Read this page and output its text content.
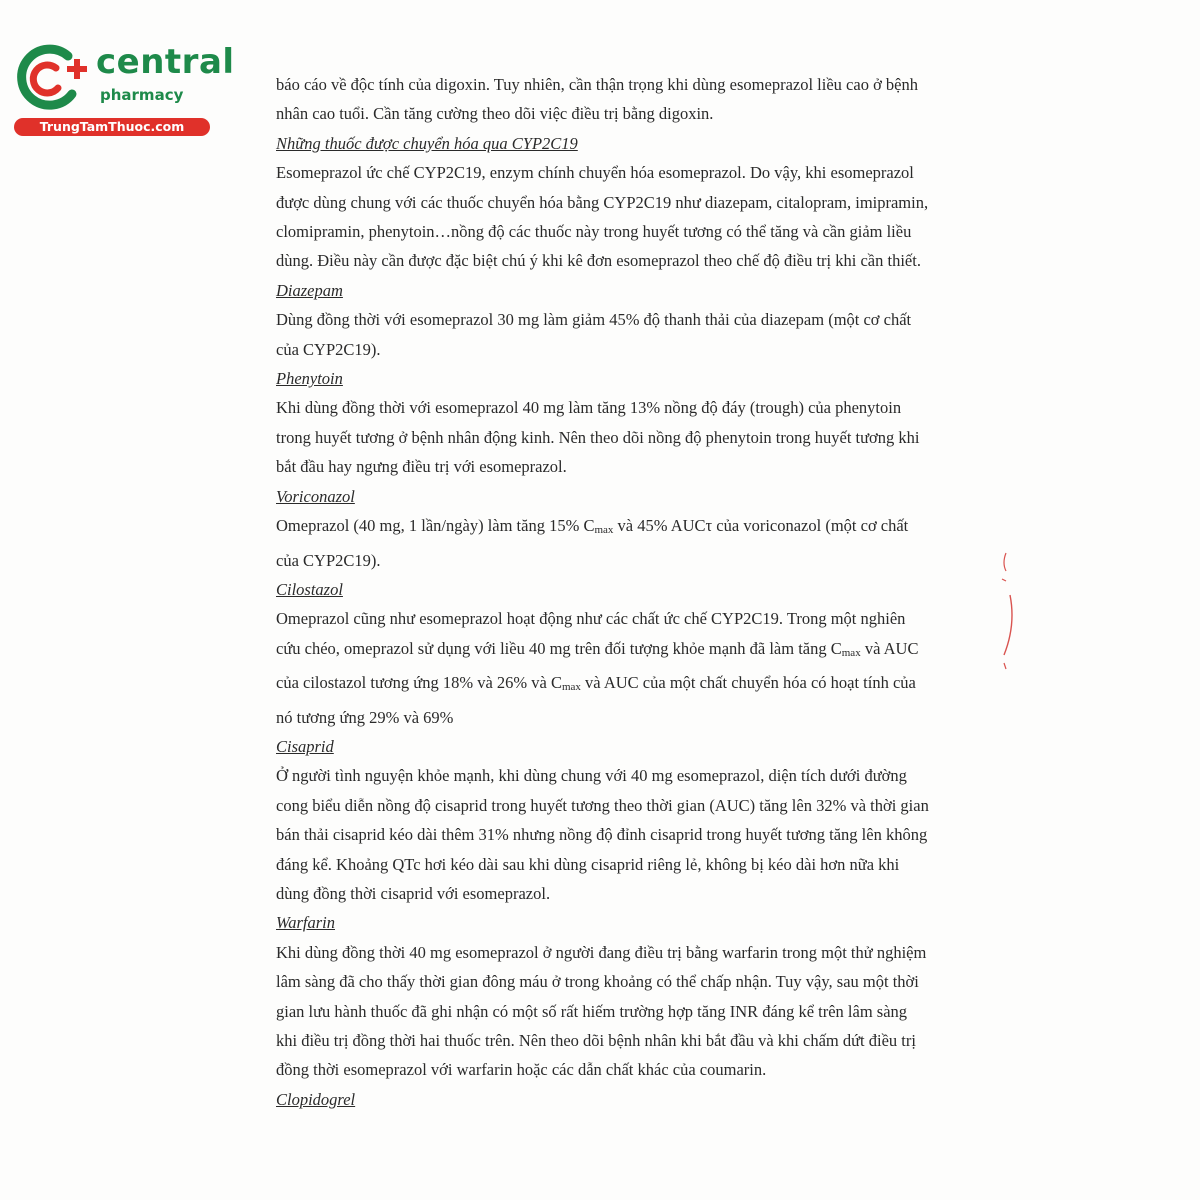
central
pharmacy
TrungTamThuoc.com

báo cáo về độc tính của digoxin. Tuy nhiên, cần thận trọng khi dùng esomeprazol liều cao ở bệnh

nhân cao tuổi. Cần tăng cường theo dõi việc điều trị bằng digoxin.

Những thuốc được chuyển hóa qua CYP2C19

Esomeprazol ức chế CYP2C19, enzym chính chuyển hóa esomeprazol. Do vậy, khi esomeprazol

được dùng chung với các thuốc chuyển hóa bằng CYP2C19 như diazepam, citalopram, imipramin,

clomipramin, phenytoin…nồng độ các thuốc này trong huyết tương có thể tăng và cần giảm liều

dùng. Điều này cần được đặc biệt chú ý khi kê đơn esomeprazol theo chế độ điều trị khi cần thiết.

Diazepam

Dùng đồng thời với esomeprazol 30 mg làm giảm 45% độ thanh thải của diazepam (một cơ chất

của CYP2C19).

Phenytoin

Khi dùng đồng thời với esomeprazol 40 mg làm tăng 13% nồng độ đáy (trough) của phenytoin

trong huyết tương ở bệnh nhân động kinh. Nên theo dõi nồng độ phenytoin trong huyết tương khi

bắt đầu hay ngưng điều trị với esomeprazol.

Voriconazol

Omeprazol (40 mg, 1 lần/ngày) làm tăng 15% $C_{max}$ và 45% AUCτ của voriconazol (một cơ chất

của CYP2C19).

Cilostazol

Omeprazol cũng như esomeprazol hoạt động như các chất ức chế CYP2C19. Trong một nghiên

cứu chéo, omeprazol sử dụng với liều 40 mg trên đối tượng khỏe mạnh đã làm tăng $C_{max}$ và AUC

của cilostazol tương ứng 18% và 26% và $C_{max}$ và AUC của một chất chuyển hóa có hoạt tính của

nó tương ứng 29% và 69%

Cisaprid

Ở người tình nguyện khỏe mạnh, khi dùng chung với 40 mg esomeprazol, diện tích dưới đường

cong biểu diễn nồng độ cisaprid trong huyết tương theo thời gian (AUC) tăng lên 32% và thời gian

bán thải cisaprid kéo dài thêm 31% nhưng nồng độ đỉnh cisaprid trong huyết tương tăng lên không

đáng kể. Khoảng QTc hơi kéo dài sau khi dùng cisaprid riêng lẻ, không bị kéo dài hơn nữa khi

dùng đồng thời cisaprid với esomeprazol.

Warfarin

Khi dùng đồng thời 40 mg esomeprazol ở người đang điều trị bằng warfarin trong một thử nghiệm

lâm sàng đã cho thấy thời gian đông máu ở trong khoảng có thể chấp nhận. Tuy vậy, sau một thời

gian lưu hành thuốc đã ghi nhận có một số rất hiếm trường hợp tăng INR đáng kể trên lâm sàng

khi điều trị đồng thời hai thuốc trên. Nên theo dõi bệnh nhân khi bắt đầu và khi chấm dứt điều trị

đồng thời esomeprazol với warfarin hoặc các dẫn chất khác của coumarin.

Clopidogrel
